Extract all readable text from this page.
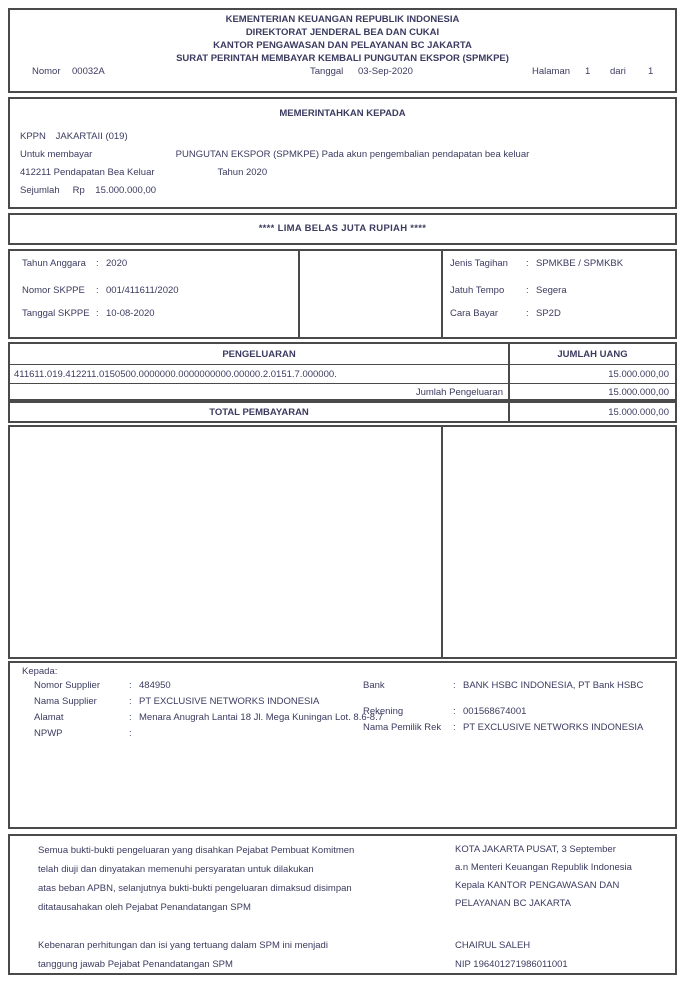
KEMENTERIAN KEUANGAN REPUBLIK INDONESIA
DIREKTORAT JENDERAL BEA DAN CUKAI
KANTOR PENGAWASAN DAN PELAYANAN BC JAKARTA
SURAT PERINTAH MEMBAYAR KEMBALI PUNGUTAN EKSPOR (SPMKPE)
Nomor 00032A	Tanggal 03-Sep-2020	Halaman 1 dari 1
MEMERINTAHKAN KEPADA
KPPN JAKARTAII (019)
Untuk membayar	PUNGUTAN EKSPOR (SPMKPE) Pada akun pengembalian pendapatan bea keluar
412211 Pendapatan Bea Keluar	Tahun 2020
Sejumlah Rp 15.000.000,00
**** LIMA BELAS JUTA RUPIAH ****
Tahun Anggara : 2020
Nomor SKPPE : 001/411611/2020
Tanggal SKPPE : 10-08-2020
Jenis Tagihan : SPMKBE / SPMKBK
Jatuh Tempo : Segera
Cara Bayar	: SP2D
PENGELUARAN	JUMLAH UANG
411611.019.412211.0150500.0000000.0000000000.00000.2.0151.7.000000.	15.000.000,00
Jumlah Pengeluaran	15.000.000,00
TOTAL PEMBAYARAN	15.000.000,00
Kepada:
Nomor Supplier	: 484950
Nama Supplier	: PT EXCLUSIVE NETWORKS INDONESIA
Alamat	: Menara Anugrah Lantai 18 Jl. Mega Kuningan Lot. 8.6-8.7
NPWP	:
Bank	: BANK HSBC INDONESIA, PT Bank HSBC
Rekening	: 001568674001
Nama Pemilik Rek : PT EXCLUSIVE NETWORKS INDONESIA
Semua bukti-bukti pengeluaran yang disahkan Pejabat Pembuat Komitmen
telah diuji dan dinyatakan memenuhi persyaratan untuk dilakukan
atas beban APBN, selanjutnya bukti-bukti pengeluaran dimaksud disimpan
ditatausahakan oleh Pejabat Penandatangan SPM
Kebenaran perhitungan dan isi yang tertuang dalam SPM ini menjadi
tanggung jawab Pejabat Penandatangan SPM
KOTA JAKARTA PUSAT, 3 September
a.n Menteri Keuangan Republik Indonesia
Kepala KANTOR PENGAWASAN DAN
PELAYANAN BC JAKARTA
CHAIRUL SALEH
NIP 196401271986011001
